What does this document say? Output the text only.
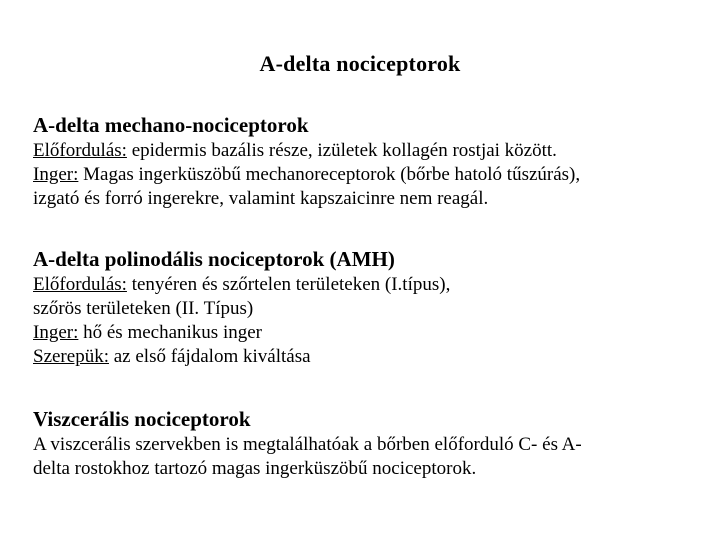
A-delta nociceptorok
A-delta mechano-nociceptorok
Előfordulás: epidermis bazális része, izületek kollagén rostjai között.
Inger: Magas ingerküszöbű mechanoreceptorok (bőrbe hatoló tűszúrás),
izgató és forró ingerekre, valamint kapszaicinre nem reagál.
A-delta polinodális nociceptorok (AMH)
Előfordulás: tenyéren és szőrtelen területeken (I.típus),
szőrös területeken (II. Típus)
Inger: hő és mechanikus inger
Szerepük: az első fájdalom kiváltása
Viszcerális nociceptorok
A viszcerális szervekben is megtalálhatóak a bőrben előforduló C- és A-
delta rostokhoz tartozó magas ingerküszöbű nociceptorok.
